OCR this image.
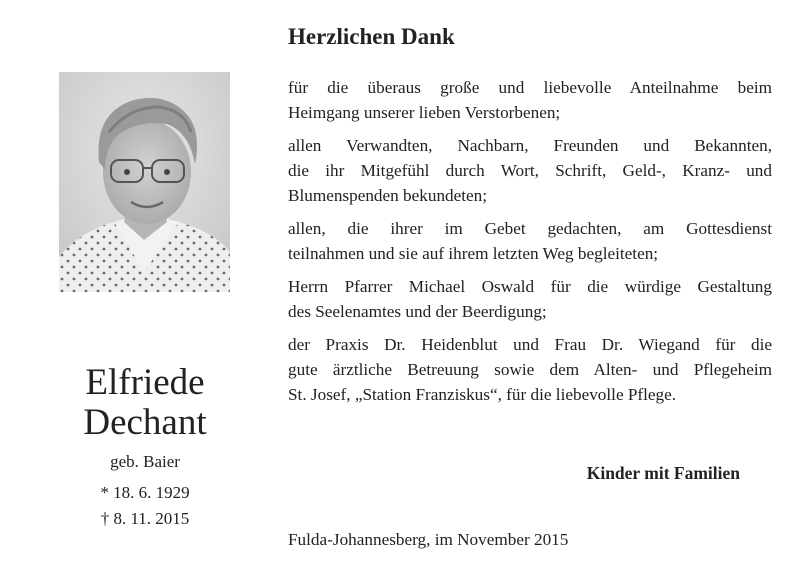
Elfriede
Dechant
geb. Baier
* 18. 6. 1929
† 8. 11. 2015
Herzlichen Dank
für die überaus große und liebevolle Anteilnahme beim
Heimgang unserer lieben Verstorbenen;
allen Verwandten, Nachbarn, Freunden und Bekannten,
die ihr Mitgefühl durch Wort, Schrift, Geld-, Kranz- und
Blumenspenden bekundeten;
allen, die ihrer im Gebet gedachten, am Gottesdienst
teilnahmen und sie auf ihrem letzten Weg begleiteten;
Herrn Pfarrer Michael Oswald für die würdige Gestaltung
des Seelenamtes und der Beerdigung;
der Praxis Dr. Heidenblut und Frau Dr. Wiegand für die
gute ärztliche Betreuung sowie dem Alten- und Pflegeheim
St. Josef, „Station Franziskus“, für die liebevolle Pflege.
Kinder mit Familien
Fulda-Johannesberg, im November 2015
